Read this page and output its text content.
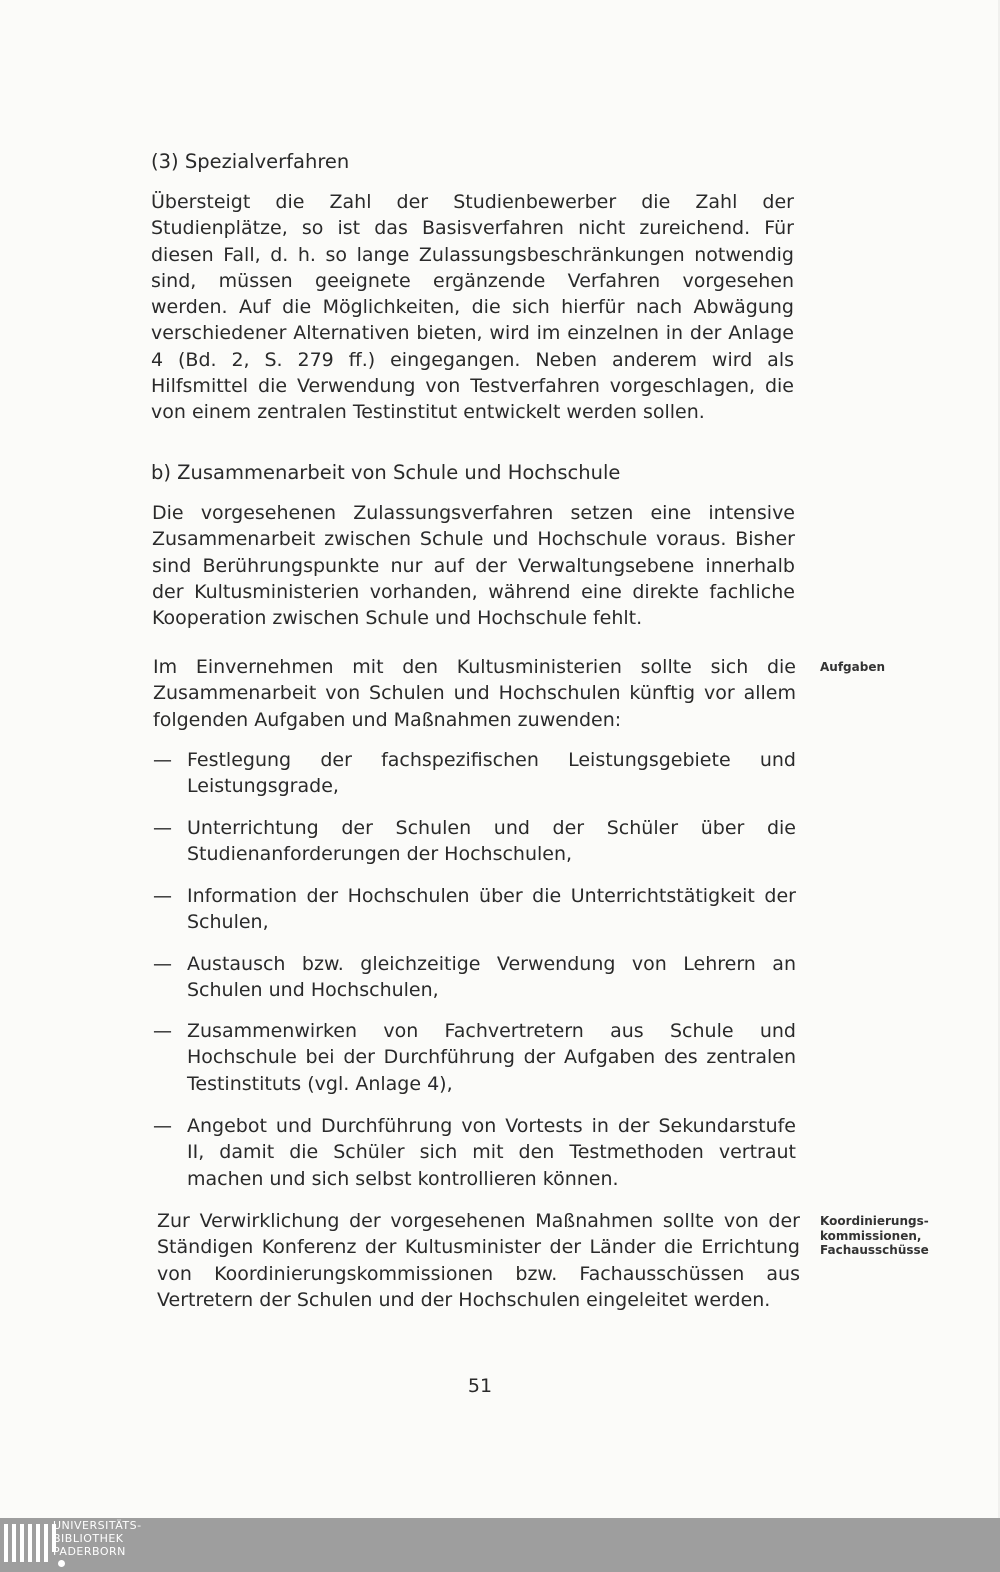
(3) Spezialverfahren

Übersteigt die Zahl der Studienbewerber die Zahl der Studienplätze, so ist das Basisverfahren nicht zureichend. Für diesen Fall, d. h. so lange Zulassungsbeschränkungen notwendig sind, müssen geeignete ergänzende Verfahren vorgesehen werden. Auf die Möglichkeiten, die sich hierfür nach Abwägung verschiedener Alternativen bieten, wird im einzelnen in der Anlage 4 (Bd. 2, S. 279 ff.) eingegangen. Neben anderem wird als Hilfsmittel die Verwendung von Testverfahren vorgeschlagen, die von einem zentralen Testinstitut entwickelt werden sollen.

b) Zusammenarbeit von Schule und Hochschule

Die vorgesehenen Zulassungsverfahren setzen eine intensive Zusammenarbeit zwischen Schule und Hochschule voraus. Bisher sind Berührungspunkte nur auf der Verwaltungsebene innerhalb der Kultusministerien vorhanden, während eine direkte fachliche Kooperation zwischen Schule und Hochschule fehlt.

Im Einvernehmen mit den Kultusministerien sollte sich die Zusammenarbeit von Schulen und Hochschulen künftig vor allem folgenden Aufgaben und Maßnahmen zuwenden:

Aufgaben

— Festlegung der fachspezifischen Leistungsgebiete und Leistungsgrade,
— Unterrichtung der Schulen und der Schüler über die Studienanforderungen der Hochschulen,
— Information der Hochschulen über die Unterrichtstätigkeit der Schulen,
— Austausch bzw. gleichzeitige Verwendung von Lehrern an Schulen und Hochschulen,
— Zusammenwirken von Fachvertretern aus Schule und Hochschule bei der Durchführung der Aufgaben des zentralen Testinstituts (vgl. Anlage 4),
— Angebot und Durchführung von Vortests in der Sekundarstufe II, damit die Schüler sich mit den Testmethoden vertraut machen und sich selbst kontrollieren können.

Zur Verwirklichung der vorgesehenen Maßnahmen sollte von der Ständigen Konferenz der Kultusminister der Länder die Errichtung von Koordinierungskommissionen bzw. Fachausschüssen aus Vertretern der Schulen und der Hochschulen eingeleitet werden.

Koordinierungs-
kommissionen,
Fachausschüsse

51

UNIVERSITÄTS-
BIBLIOTHEK
PADERBORN
